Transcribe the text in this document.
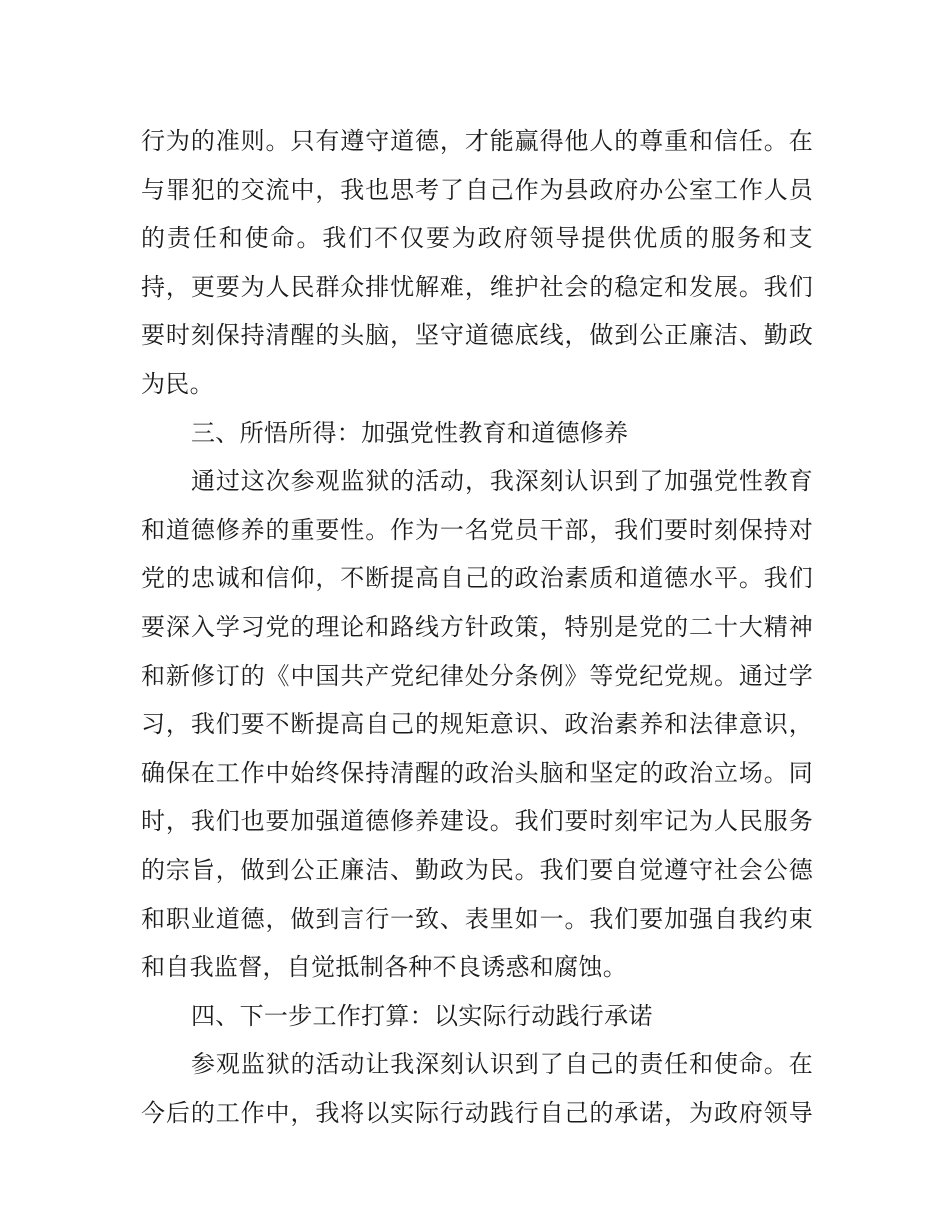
行为的准则。只有遵守道德，才能赢得他人的尊重和信任。在
与罪犯的交流中，我也思考了自己作为县政府办公室工作人员
的责任和使命。我们不仅要为政府领导提供优质的服务和支
持，更要为人民群众排忧解难，维护社会的稳定和发展。我们
要时刻保持清醒的头脑，坚守道德底线，做到公正廉洁、勤政
为民。
三、所悟所得：加强党性教育和道德修养
通过这次参观监狱的活动，我深刻认识到了加强党性教育
和道德修养的重要性。作为一名党员干部，我们要时刻保持对
党的忠诚和信仰，不断提高自己的政治素质和道德水平。我们
要深入学习党的理论和路线方针政策，特别是党的二十大精神
和新修订的《中国共产党纪律处分条例》等党纪党规。通过学
习，我们要不断提高自己的规矩意识、政治素养和法律意识，
确保在工作中始终保持清醒的政治头脑和坚定的政治立场。同
时，我们也要加强道德修养建设。我们要时刻牢记为人民服务
的宗旨，做到公正廉洁、勤政为民。我们要自觉遵守社会公德
和职业道德，做到言行一致、表里如一。我们要加强自我约束
和自我监督，自觉抵制各种不良诱惑和腐蚀。
四、下一步工作打算：以实际行动践行承诺
参观监狱的活动让我深刻认识到了自己的责任和使命。在
今后的工作中，我将以实际行动践行自己的承诺，为政府领导
